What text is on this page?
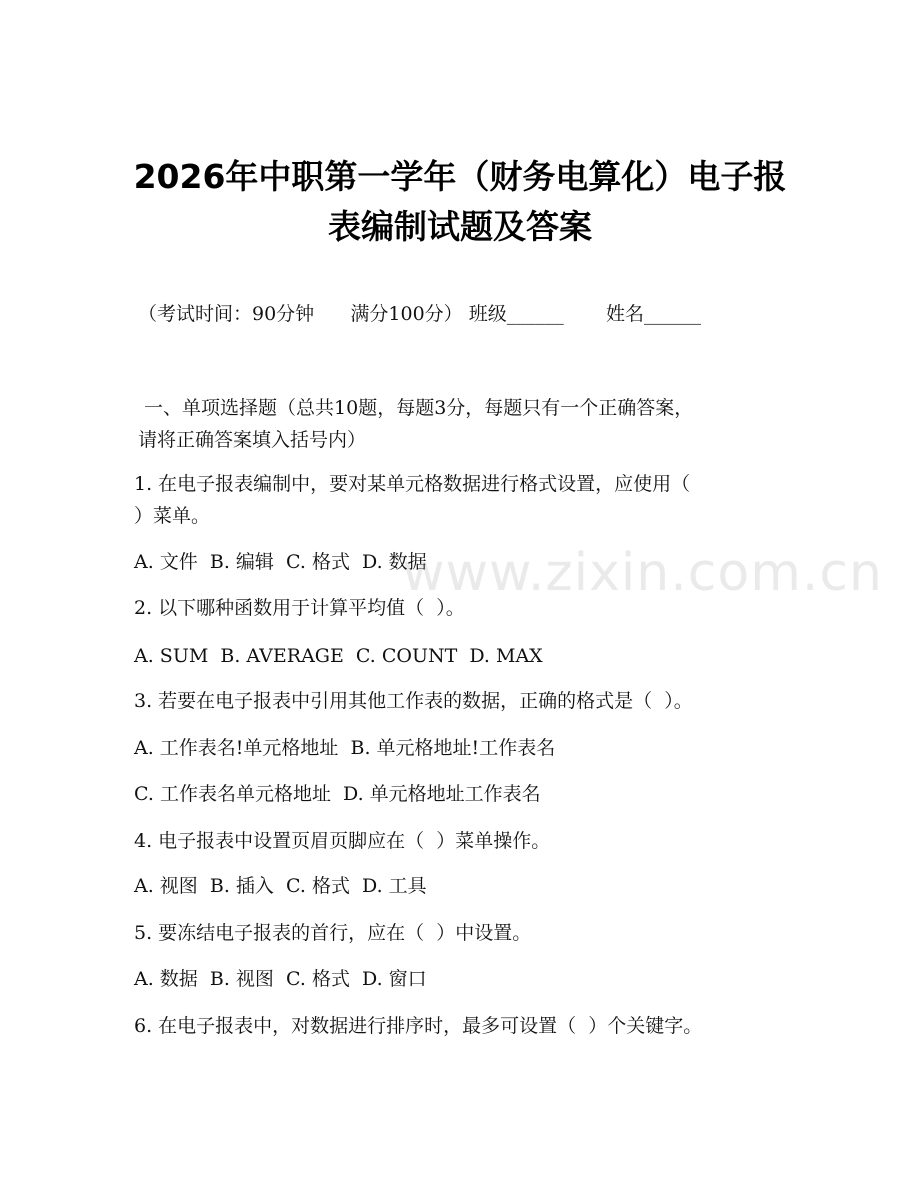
2026年中职第一学年（财务电算化）电子报
表编制试题及答案
（考试时间：90分钟      满分100分） 班级______       姓名______
一、单项选择题（总共10题，每题3分，每题只有一个正确答案，
请将正确答案填入括号内）
1. 在电子报表编制中，要对某单元格数据进行格式设置，应使用（
）菜单。
A. 文件  B. 编辑  C. 格式  D. 数据
2. 以下哪种函数用于计算平均值（  ）。
A. SUM  B. AVERAGE  C. COUNT  D. MAX
3. 若要在电子报表中引用其他工作表的数据，正确的格式是（  ）。
A. 工作表名!单元格地址  B. 单元格地址!工作表名
C. 工作表名单元格地址  D. 单元格地址工作表名
4. 电子报表中设置页眉页脚应在（  ）菜单操作。
A. 视图  B. 插入  C. 格式  D. 工具
5. 要冻结电子报表的首行，应在（  ）中设置。
A. 数据  B. 视图  C. 格式  D. 窗口
6. 在电子报表中，对数据进行排序时，最多可设置（  ）个关键字。
www.zixin.com.cn
